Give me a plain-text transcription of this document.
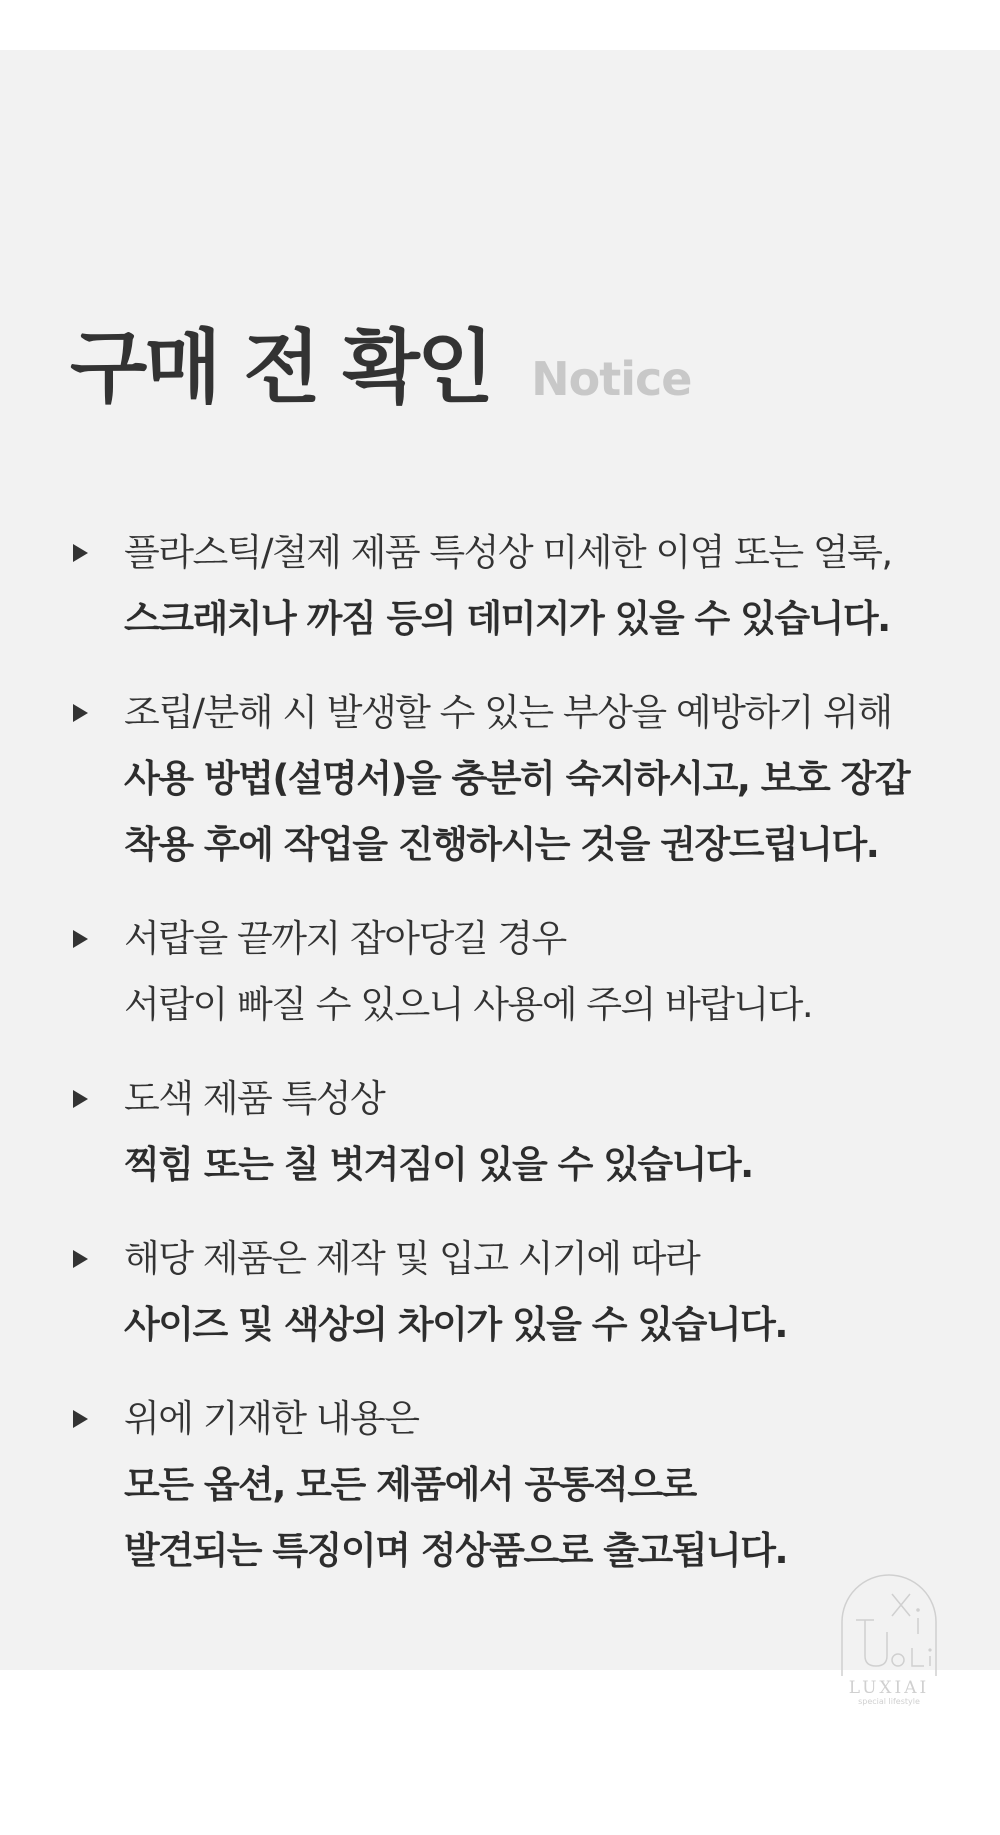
구매 전 확인 Notice
플라스틱/철제 제품 특성상 미세한 이염 또는 얼룩,
스크래치나 까짐 등의 데미지가 있을 수 있습니다.
조립/분해 시 발생할 수 있는 부상을 예방하기 위해
사용 방법(설명서)을 충분히 숙지하시고, 보호 장갑
착용 후에 작업을 진행하시는 것을 권장드립니다.
서랍을 끝까지 잡아당길 경우
서랍이 빠질 수 있으니 사용에 주의 바랍니다.
도색 제품 특성상
찍힘 또는 칠 벗겨짐이 있을 수 있습니다.
해당 제품은 제작 및 입고 시기에 따라
사이즈 및 색상의 차이가 있을 수 있습니다.
위에 기재한 내용은
모든 옵션, 모든 제품에서 공통적으로
발견되는 특징이며 정상품으로 출고됩니다.
LUXIAI
special lifestyle
